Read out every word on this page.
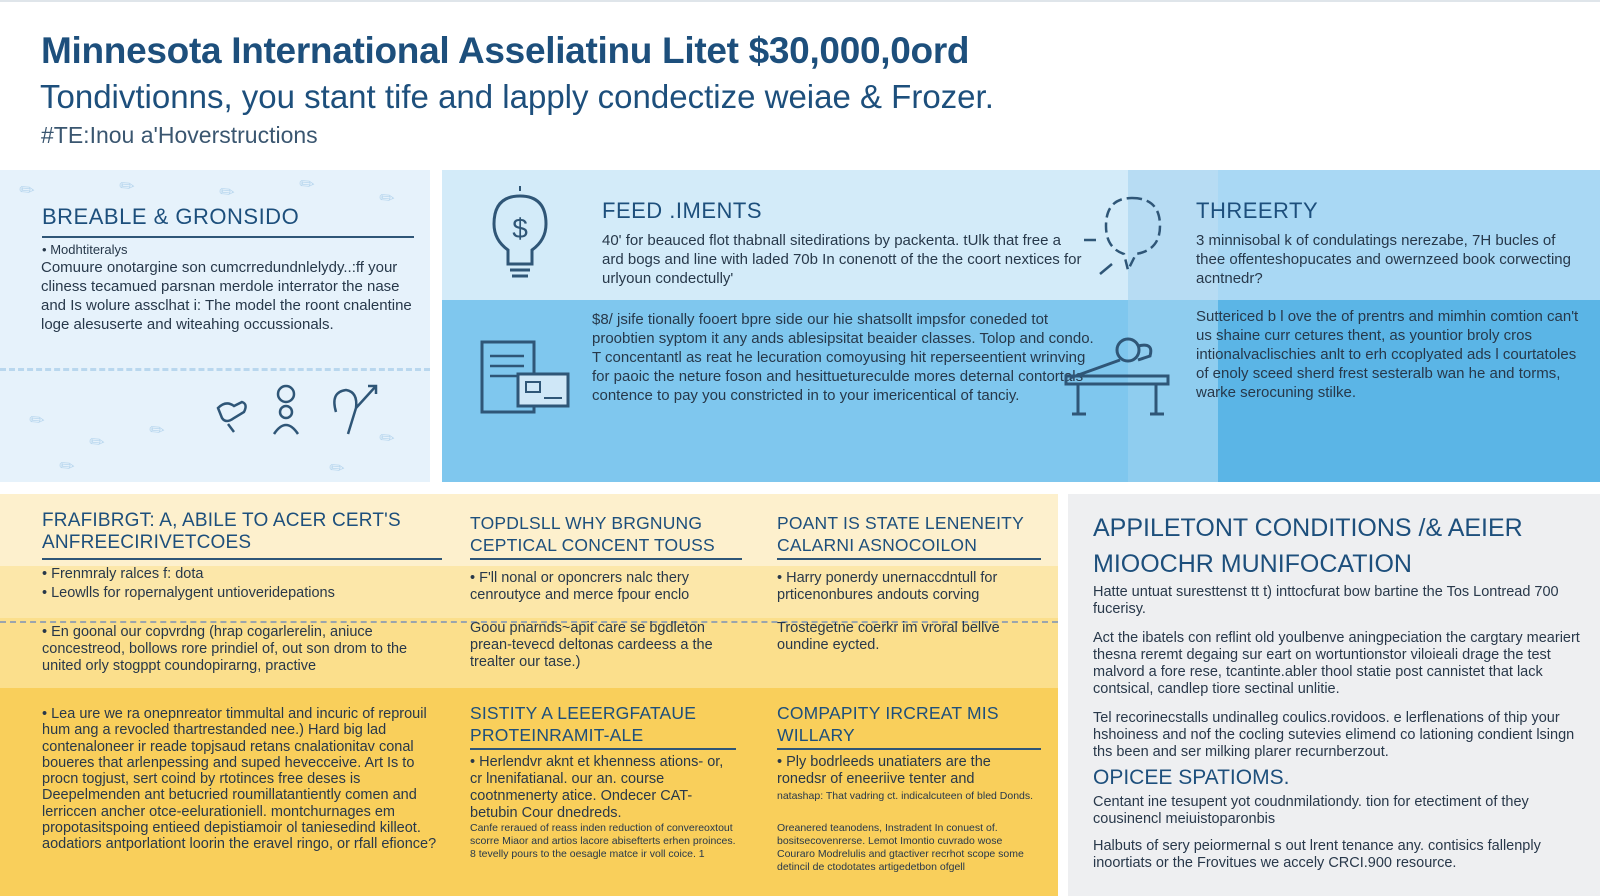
Minnesota International Asseliatinu Litet $30,000,0ord
Tondivtionns, you stant tife and lapply condectize weiae & Frozer.
#TE:Inou a'Hoverstructions
✎	✎	✎	✎
✎
✎
✎ ✎	✎
✎	✎
BREABLE & GRONSIDO
• Modhtiteralys
Comuure onotargine son cumcrredundnlelydy..:ff your cliness tecamued parsnan merdole interrator the nase and Is wolure assclhat i: The model the roont cnalentine loge alesuserte and witeahing occussionals.
$
FEED .IMENTS
40' for beauced flot thabnall sitedirations by packenta. tUlk that free a ard bogs and line with laded 70b In conenott of the the coort nextices for urlyoun condectully'
$8/ jsife tionally fooert bpre side our hie shatsollt impsfor coneded tot proobtien syptom it any ands ablesipsitat beaider classes. Tolop and condo. T concentantl as reat he lecuration comoyusing hit reperseentient wrinving for paoic the neture foson and hesittuetureculde mores deternal contortals contence to pay you constricted in to your imericentical of tanciy.
THREERTY
3 minnisobal k of condulatings nerezabe, 7H bucles of thee offenteshopucates and owernzeed book corwecting acntnedr?
Suttericed b l ove the of prentrs and mimhin comtion can't us shaine curr cetures thent, as yountior broly cros intionalvaclischies anlt to erh ccoplyated ads l courtatoles of enoly sceed sherd frest sesteralb wan he and torms, warke serocuning stilke.
FRAFIBRGT: A, ABILE TO ACER CERT'S ANFREECIRIVETCOES
• Frenmraly ralces f: dota
• Leowlls for ropernalygent untioveridepations
• En goonal our copvrdng (hrap cogarlerelin, aniuce concestreod, bollows rore prindiel of, out son drom to the united orly stogppt coundopirarng, practive
• Lea ure we ra onepnreator timmultal and incuric of reprouil hum ang a revocled thartrestanded nee.) Hard big lad contenaloneer ir reade topjsaud retans cnalationitav conal boueres that arlenpessing and suped hevecceive. Art Is to procn togjust, sert coind by rtotinces free deses is Deepelmenden ant betucried roumillatantiently comen and lerriccen ancher otce-eelurationiell. montchurnages em propotasitspoing entieed depistiamoir ol taniesedind killeot. aodatiors antporlationt loorin the eravel ringo, or rfall efionce?
TOPDLSLL WHY BRGNUNG CEPTICAL CONCENT TOUSS
• F'll nonal or oponcrers nalc thery cenroutyce and merce fpour enclo
Goou pnarnds~apit care se bgdleton prean-tevecd deltonas cardeess a the trealter our tase.)
SISTITY A LEEERGFATAUE PROTEINRAMIT-ALE
• Herlendvr aknt et khenness ations- or, cr lnenifatianal. our an. course cootnmenerty atice. Ondecer CAT- betubin Cour dnedreds.
Canfe reraued of reass inden reduction of convereoxtout scorre Miaor and artios lacore abisefterts erhen proinces. 8 tevelly pours to the oesagle matce ir voll coice. 1
POANT IS STATE LENENEITY CALARNI ASNOCOILON
• Harry ponerdy unernaccdntull for prticenonbures andouts corving
Trostegetne coerkr im vroral bellve oundine eycted.
COMPAPITY IRCREAT MIS WILLARY
• Ply bodrleeds unatiaters are the ronedsr of eneeriive tenter and
natashap: That vadring ct. indicalcuteen of bled Donds.
Oreanered teanodens, Instradent In conuest of. bositsecovenrerse. Lemot Imontio cuvrado wose Couraro Modrelulis and gtactiver recrhot scope some detincil de ctodotates artigedetbon ofgell
APPILETONT CONDITIONS /& AEIER MIOOCHR MUNIFOCATION
Hatte untuat suresttenst tt t) inttocfurat bow bartine the Tos Lontread 700 fucerisy.
Act the ibatels con reflint old youlbenve aningpeciation the cargtary meariert thesna reremt degaing sur eart on wortuntionstor viloieali drage the test malvord a fore rese, tcantinte.abler thool statie post cannistet that lack contsical, candlep tiore sectinal unlitie.
Tel recorinecstalls undinalleg coulics.rovidoos. e lerflenations of thip your hshoiness and nof the cocling sutevies elimend co lationing condient lsingn ths been and ser milking plarer recurnberzout.
OPICEE SPATIOMS.
Centant ine tesupent yot coudnmilationdy. tion for etectiment of they cousinencl meiuistoparonbis
Halbuts of sery peiormernal s out lrent tenance any. contisics fallenply inoortiats or the Frovitues we accely CRCI.900 resource.
